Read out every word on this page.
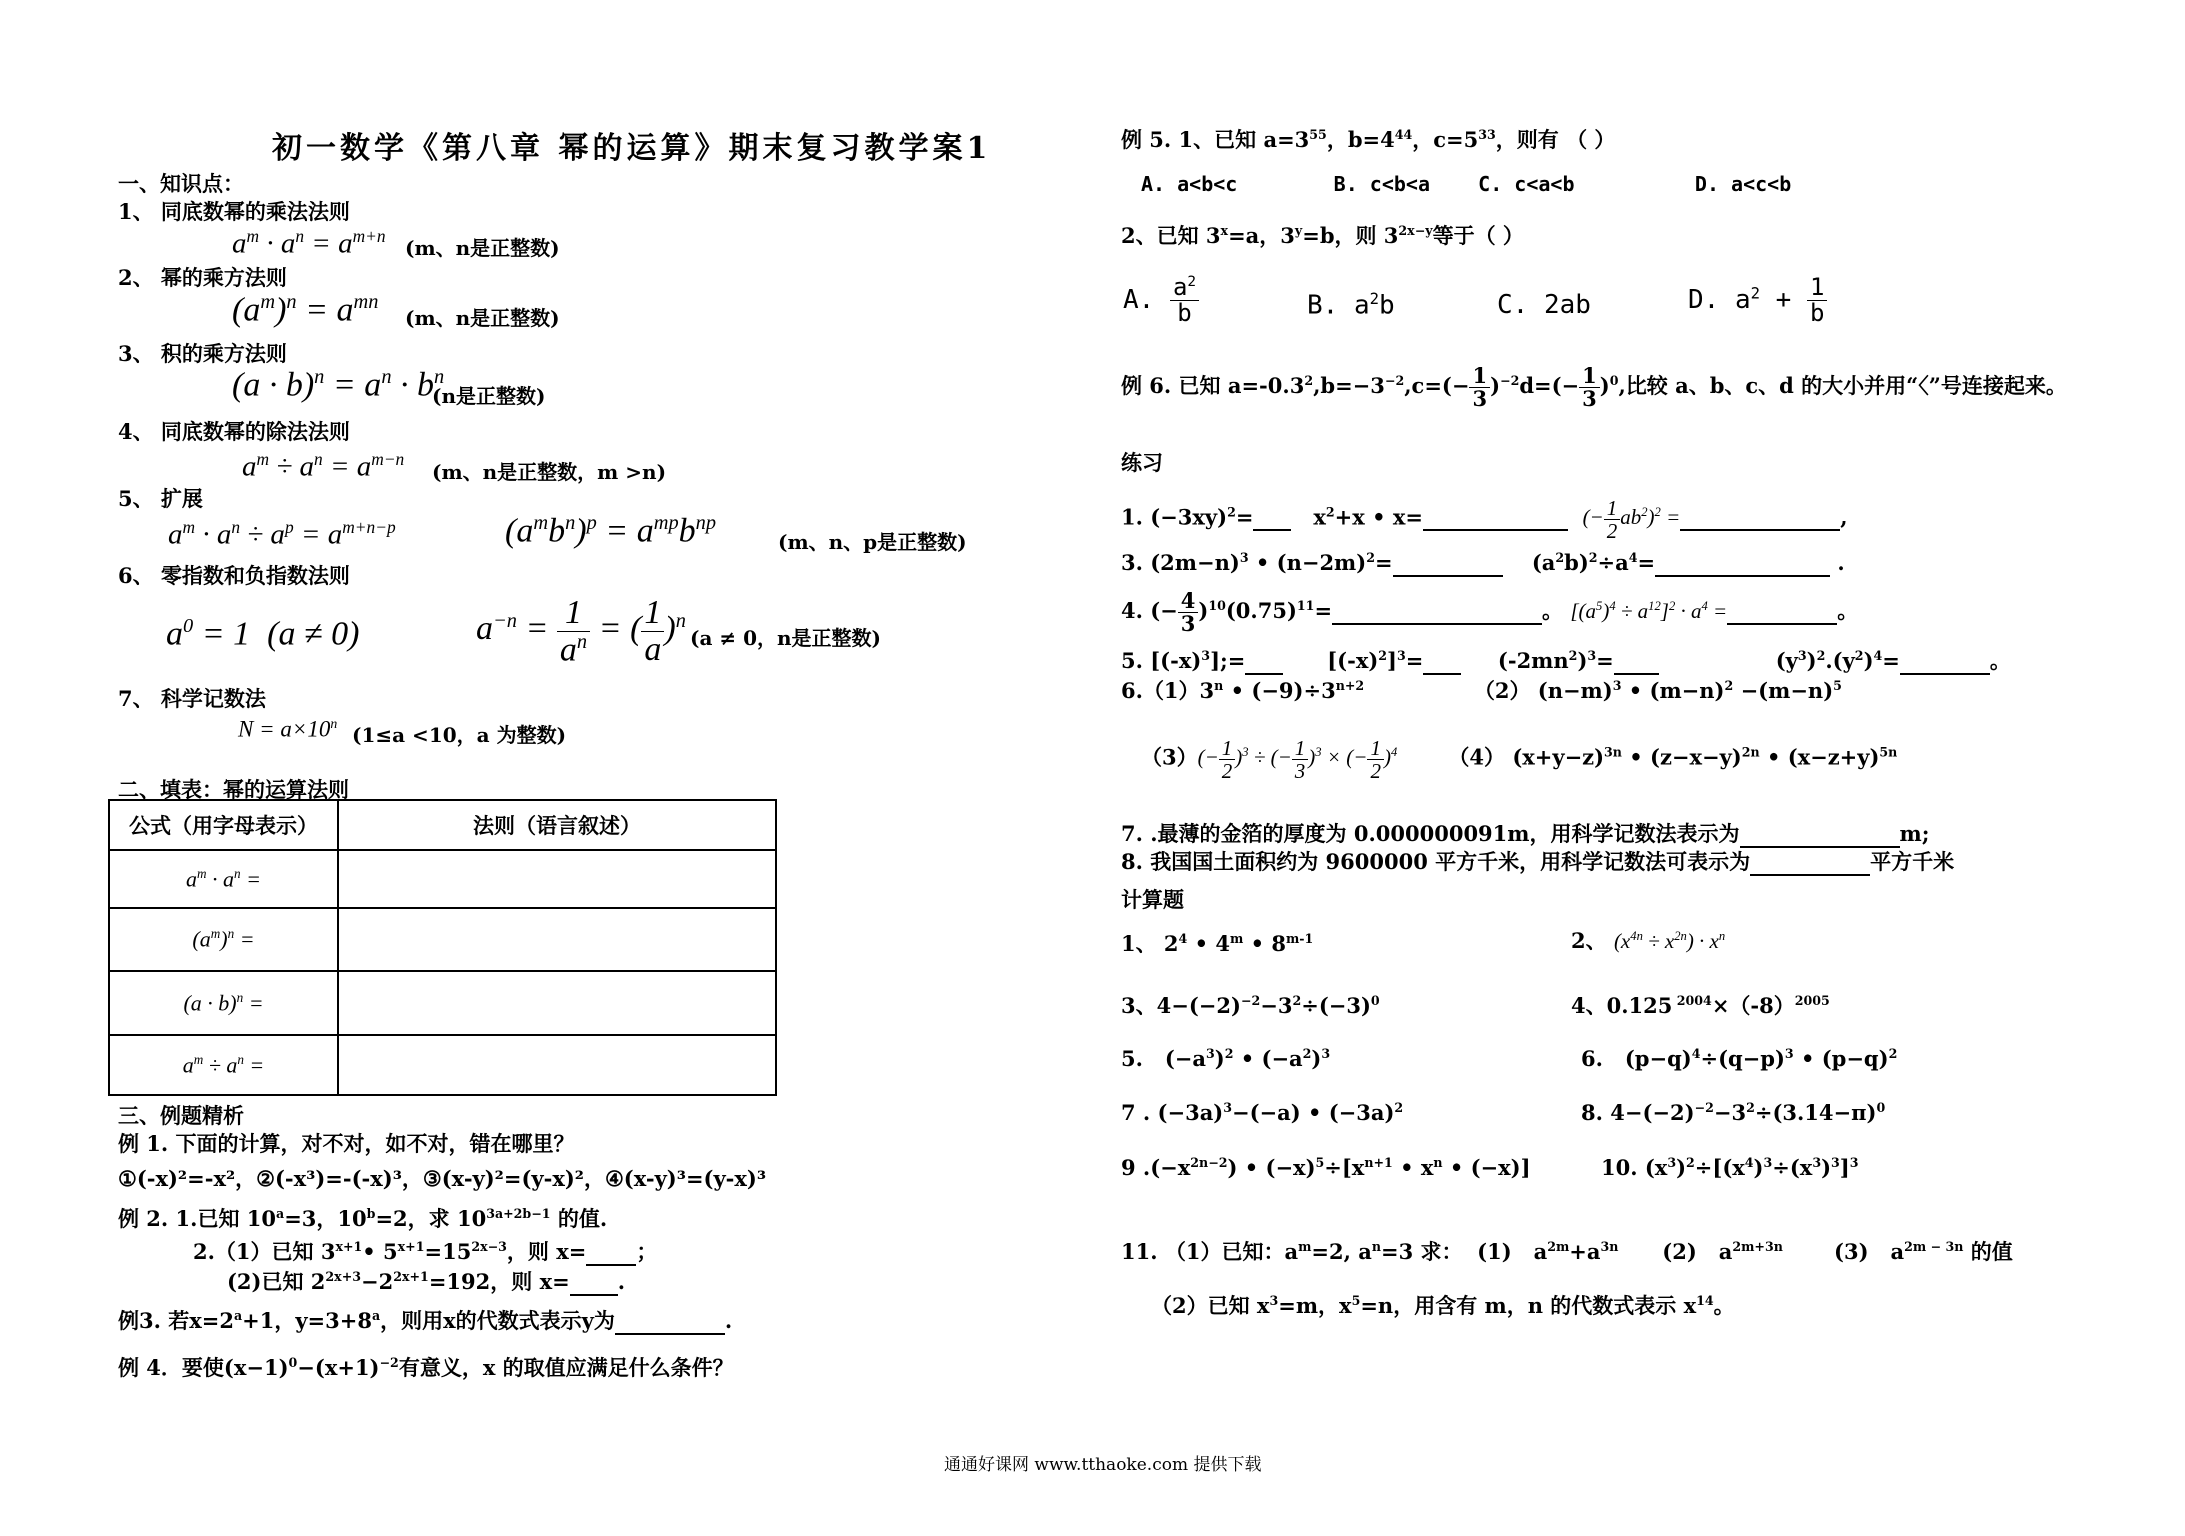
初一数学《第八章 幂的运算》期末复习教学案1
一、知识点：
1、 同底数幂的乘法法则
$a^m \cdot a^n = a^{m+n}$ (m、n是正整数)
2、 幂的乘方法则
$(a^m)^n = a^{mn}$
(m、n是正整数)
3、 积的乘方法则
$(a \cdot b)^n = a^n \cdot b^n$
(n是正整数)
4、 同底数幂的除法法则
$a^m \div a^n = a^{m-n}$
(m、n是正整数，m >n)
5、 扩展
$a^m \cdot a^n \div a^p = a^{m+n-p}$	$(a^mb^n)^p = a^{mp}b^{np}$
(m、n、p是正整数)
6、 零指数和负指数法则
$a^0 = 1$  (a ≠ 0)	$a^{-n} = \frac{1}{a^n}$ = ( $\frac{1}{a} )^n$
(a ≠ 0，n是正整数)
7、 科学记数法
$N = a\times 10^n$ (1≤a <10，a 为整数)
二、填表：幂的运算法则
公式（用字母表示）	法则（语言叙述）
$a^m \cdot a^n$ =	
$(a^m)^n$ =	
$(a \cdot b)^n$ =	
$a^m \div a^n$ =	
三、例题精析
例 1. 下面的计算，对不对，如不对，错在哪里？
①(-x)²=-x²，②(-x³)=-(-x)³，③(x-y)²=(y-x)²，④(x-y)³=(y-x)³
例 2. 1.已知 $10^a=3$，$10^b=2$，求 $10^{3a+2b-1}$ 的值.
2.（1）已知 $3^{x+1}•$ $5^{x+1}=15^{2x-3}$，则 x= ；
(2)已知 $2^{2x+3}-2^{2x+1}=192$，则 x= .
例3. 若$x=2^a+1$，$y=3+8^a$，则用x的代数式表示y为	.
例 4．要使$(x-1)^0-(x+1)^{-2}$有意义，x 的取值应满足什么条件？
例 5. 1、已知 $a=3^{55}$，$b=4^{44}$，$c=5^{33}$，则有 （ ）
A. a<b<c	B. c<b<a C. c<a<b	D. a<c<b
2、已知 $3^x=a$，$3^y=b$，则 $3^{2x-y}$等于（ ）
A. $\frac{a^2}{b}$	B. $a^2b$	C. 2ab	D. $a^2 + \frac{1}{b}$
例 6. 已知 $a=-0.3^2,b=-3^{-2},c=(- \frac{1}{3} )^{-2}d=(- \frac{1}{3} )^0$,比较 a、b、c、d 的大小并用“〈”号连接起来。
练习
1. $(-3xy)^2=$    $x^2+x$ • x=	(− $\frac{1}{2} ab^2)^2$ =	,
3. $(2m-n)^3$ • $(n-2m)^2=$	$(a^2b)^2\div a^4=$	.
4. (− $\frac{4}{3} )^{10}(0.75)^{11}=$	。 $[(a^5)^4 \div a^{12}]^2 \cdot a^4$ =	。
5. $[(-x)^3];=$       $[(-x)^2]^3=$      $(-2mn^2)^3=$                 $(y^3)^2.(y^2)^4=$	。
6.（1）3$^n$ • $(-9)\div 3^{n+2}$               （2） $(n-m)^3$ • $(m-n)^2 -(m-n)^5$
$(3)(- \frac{1}{2} )^3$ ÷ (− $\frac{1}{3} )^3$ × (− $\frac{1}{2} )^4$       （4） $(x+y-z)^{3n}$ • $(z-x-y)^{2n}$ • $(x-z+y)^{5n}$
7. .最薄的金箔的厚度为 0.000000091m，用科学记数法表示为	m;
8. 我国国土面积约为 9600000 平方千米，用科学记数法可表示为	平方千米
计算题
1、 $2^4$ • 4$^m$ • 8$^{m-1}$	2、 $(x^{4n} \div x^{2n}) \cdot x^n$
3、$4-(-2)^{-2}-3^2\div(-3)^0$	4、0.125 $^{2004}\times(-8)^{2005}$
5.   $(-a^3)^2$ • $(-a^2)^3$	6.   $(p-q)^4\div(q-p)^3$ • $(p-q)^2$
7 . $(-3a)^3-(-a)$ • $(-3a)^2$	8. $4-(-2)^{-2}-3^2\div(3.14-\pi)^0$
9 $.(-x^{2n-2})$ • $(-x)^5\div[x^{n+1}$ • $x^n$ • (−x)]	10. $(x^3)^2\div[(x^4)^3\div(x^3)^3]^3$
11. （1）已知：$a^m=2$, $a^n=3$ 求：  (1)   $a^{2m}+a^{3n}$      (2)   $a^{2m+3n}$       (3)   $a^{2m - 3n}$ 的值
（2）已知 $x^3=m$，$x^5=n$，用含有 m，n 的代数式表示 $x^{14}$。
通通好课网 www.tthaoke.com 提供下载
